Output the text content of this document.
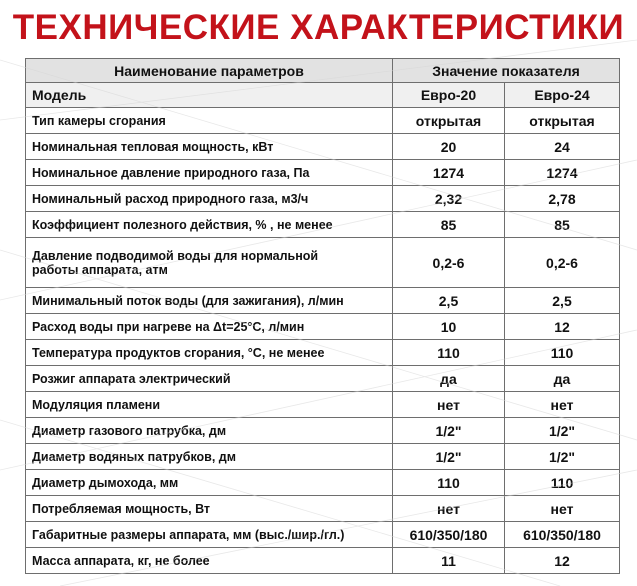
ТЕХНИЧЕСКИЕ ХАРАКТЕРИСТИКИ
Наименование параметров	Значение показателя	
Модель	Евро-20	Евро-24
Тип камеры сгорания	открытая	открытая
Номинальная тепловая мощность, кВт	20	24
Номинальное давление природного газа, Па	1274	1274
Номинальный расход природного газа, м3/ч	2,32	2,78
Коэффициент полезного действия, % , не менее	85	85
Давление подводимой воды для нормальной работы аппарата, атм	0,2-6	0,2-6
Минимальный поток воды (для зажигания), л/мин	2,5	2,5
Расход воды при нагреве на Δt=25°С, л/мин	10	12
Температура продуктов сгорания, °С, не менее	110	110
Розжиг аппарата электрический	да	да
Модуляция пламени	нет	нет
Диаметр газового патрубка, дм	1/2"	1/2"
Диаметр водяных патрубков, дм	1/2"	1/2"
Диаметр дымохода, мм	110	110
Потребляемая мощность, Вт	нет	нет
Габаритные размеры аппарата, мм (выс./шир./гл.)	610/350/180	610/350/180
Масса аппарата, кг, не более	11	12
